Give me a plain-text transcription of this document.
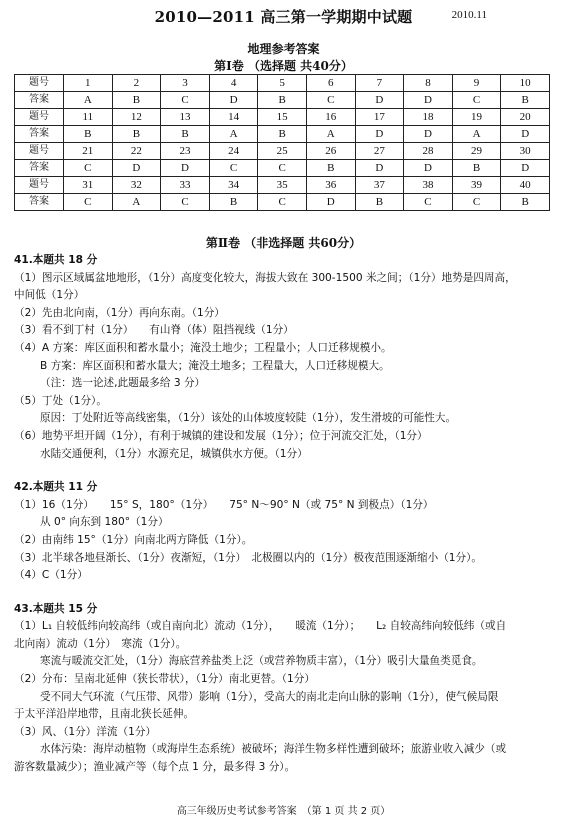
2010—2011 高三第一学期期中试题	2010.11
地理参考答案
第Ⅰ卷 （选择题 共40分）
题号	1	2	3	4	5	6	7	8	9	10
答案	A	B	C	D	B	C	D	D	C	B
题号	11	12	13	14	15	16	17	18	19	20
答案	B	B	B	A	B	A	D	D	A	D
题号	21	22	23	24	25	26	27	28	29	30
答案	C	D	D	C	C	B	D	D	B	D
题号	31	32	33	34	35	36	37	38	39	40
答案	C	A	C	B	C	D	B	C	C	B
第Ⅱ卷 （非选择题 共60分）
41.本题共 18 分
（1）图示区域属盆地地形，（1分）高度变化较大，海拔大致在 300-1500 米之间；（1分）地势是四周高，
中间低（1分）
（2）先由北向南，（1分）再向东南。（1分）
（3）看不到丁村（1分）　　有山脊（体）阻挡视线（1分）
（4）A 方案：库区面积和蓄水量小；淹没土地少；工程量小；人口迁移规模小。
B 方案：库区面积和蓄水量大；淹没土地多；工程量大，人口迁移规模大。
（注：选一论述,此题最多给 3 分）
（5）丁处（1分）。
原因：丁处附近等高线密集，（1分）该处的山体坡度较陡（1分），发生滑坡的可能性大。
（6）地势平坦开阔（1分），有利于城镇的建设和发展（1分）；位于河流交汇处，（1分）
水陆交通便利，（1分）水源充足，城镇供水方便。（1分）
42.本题共 11 分
（1）16（1分）　　15° S，180°（1分）　　75° N～90° N（或 75° N 到极点）（1分）
从 0° 向东到 180°（1分）
（2）由南纬 15°（1分）向南北两方降低（1分）。
（3）北半球各地昼渐长、（1分）夜渐短，（1分）　北极圈以内的（1分）极夜范围逐渐缩小（1分）。
（4）C（1分）
43.本题共 15 分
（1）L₁ 自较低纬向较高纬（或自南向北）流动（1分），　　暖流（1分）；　　L₂ 自较高纬向较低纬（或自
北向南）流动（1分）　寒流（1分）。
寒流与暖流交汇处，（1分）海底营养盐类上泛（或营养物质丰富），（1分）吸引大量鱼类觅食。
（2）分布：呈南北延伸（狭长带状），（1分）南北更替。（1分）
受不同大气环流（气压带、风带）影响（1分），受高大的南北走向山脉的影响（1分），使气候局限
于太平洋沿岸地带，且南北狭长延伸。
（3）风、（1分）洋流（1分）
水体污染：海岸动植物（或海岸生态系统）被破坏；海洋生物多样性遭到破坏；旅游业收入减少（或
游客数量减少）；渔业减产等（每个点 1 分，最多得 3 分）。
高三年级历史考试参考答案　（第 1 页 共 2 页）
